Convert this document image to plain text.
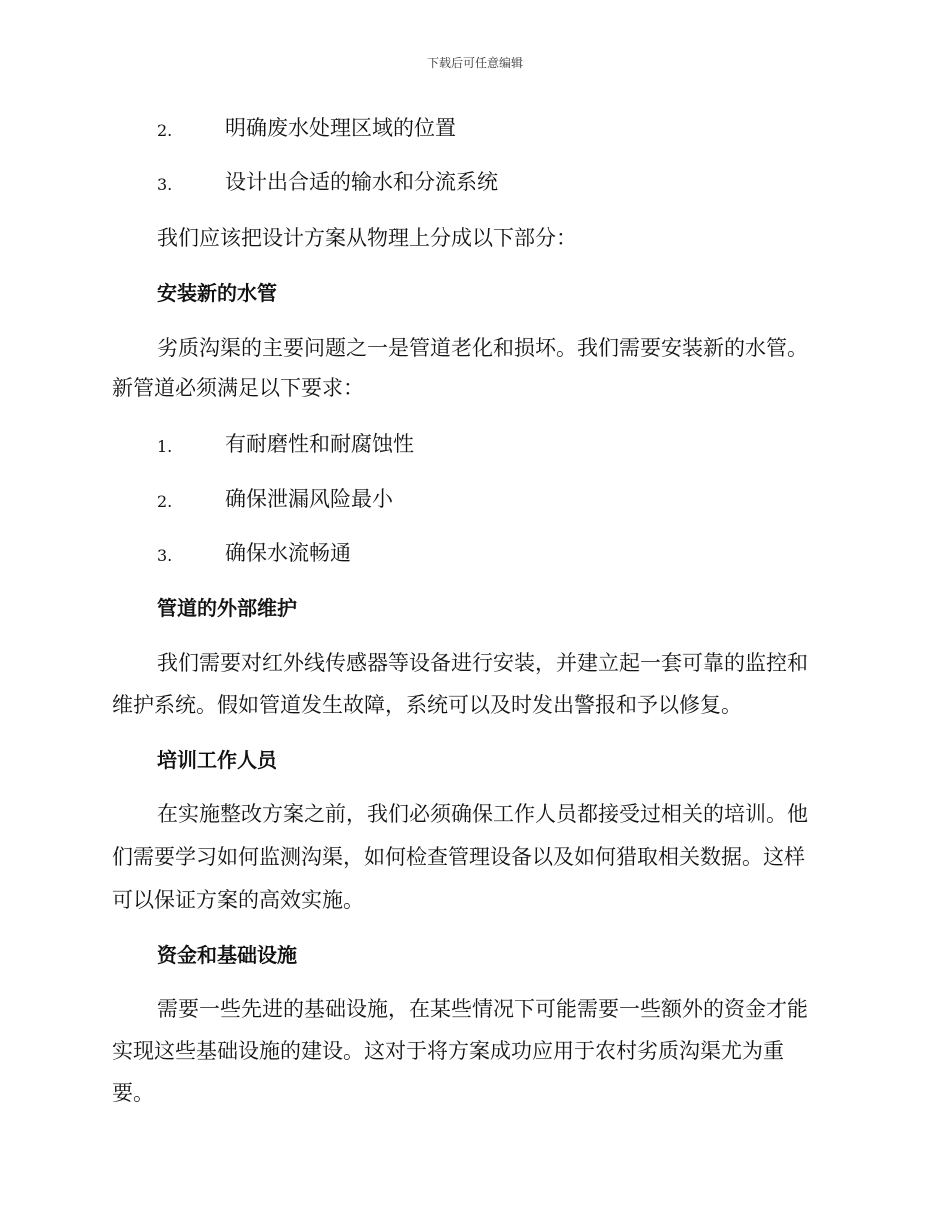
下载后可任意编辑
2.	明确废水处理区域的位置
3.	设计出合适的输水和分流系统
我们应该把设计方案从物理上分成以下部分：
安装新的水管
劣质沟渠的主要问题之一是管道老化和损坏。我们需要安装新的水管。
新管道必须满足以下要求：
1.	有耐磨性和耐腐蚀性
2.	确保泄漏风险最小
3.	确保水流畅通
管道的外部维护
我们需要对红外线传感器等设备进行安装，并建立起一套可靠的监控和
维护系统。假如管道发生故障，系统可以及时发出警报和予以修复。
培训工作人员
在实施整改方案之前，我们必须确保工作人员都接受过相关的培训。他
们需要学习如何监测沟渠，如何检查管理设备以及如何猎取相关数据。这样
可以保证方案的高效实施。
资金和基础设施
需要一些先进的基础设施，在某些情况下可能需要一些额外的资金才能
实现这些基础设施的建设。这对于将方案成功应用于农村劣质沟渠尤为重
要。
